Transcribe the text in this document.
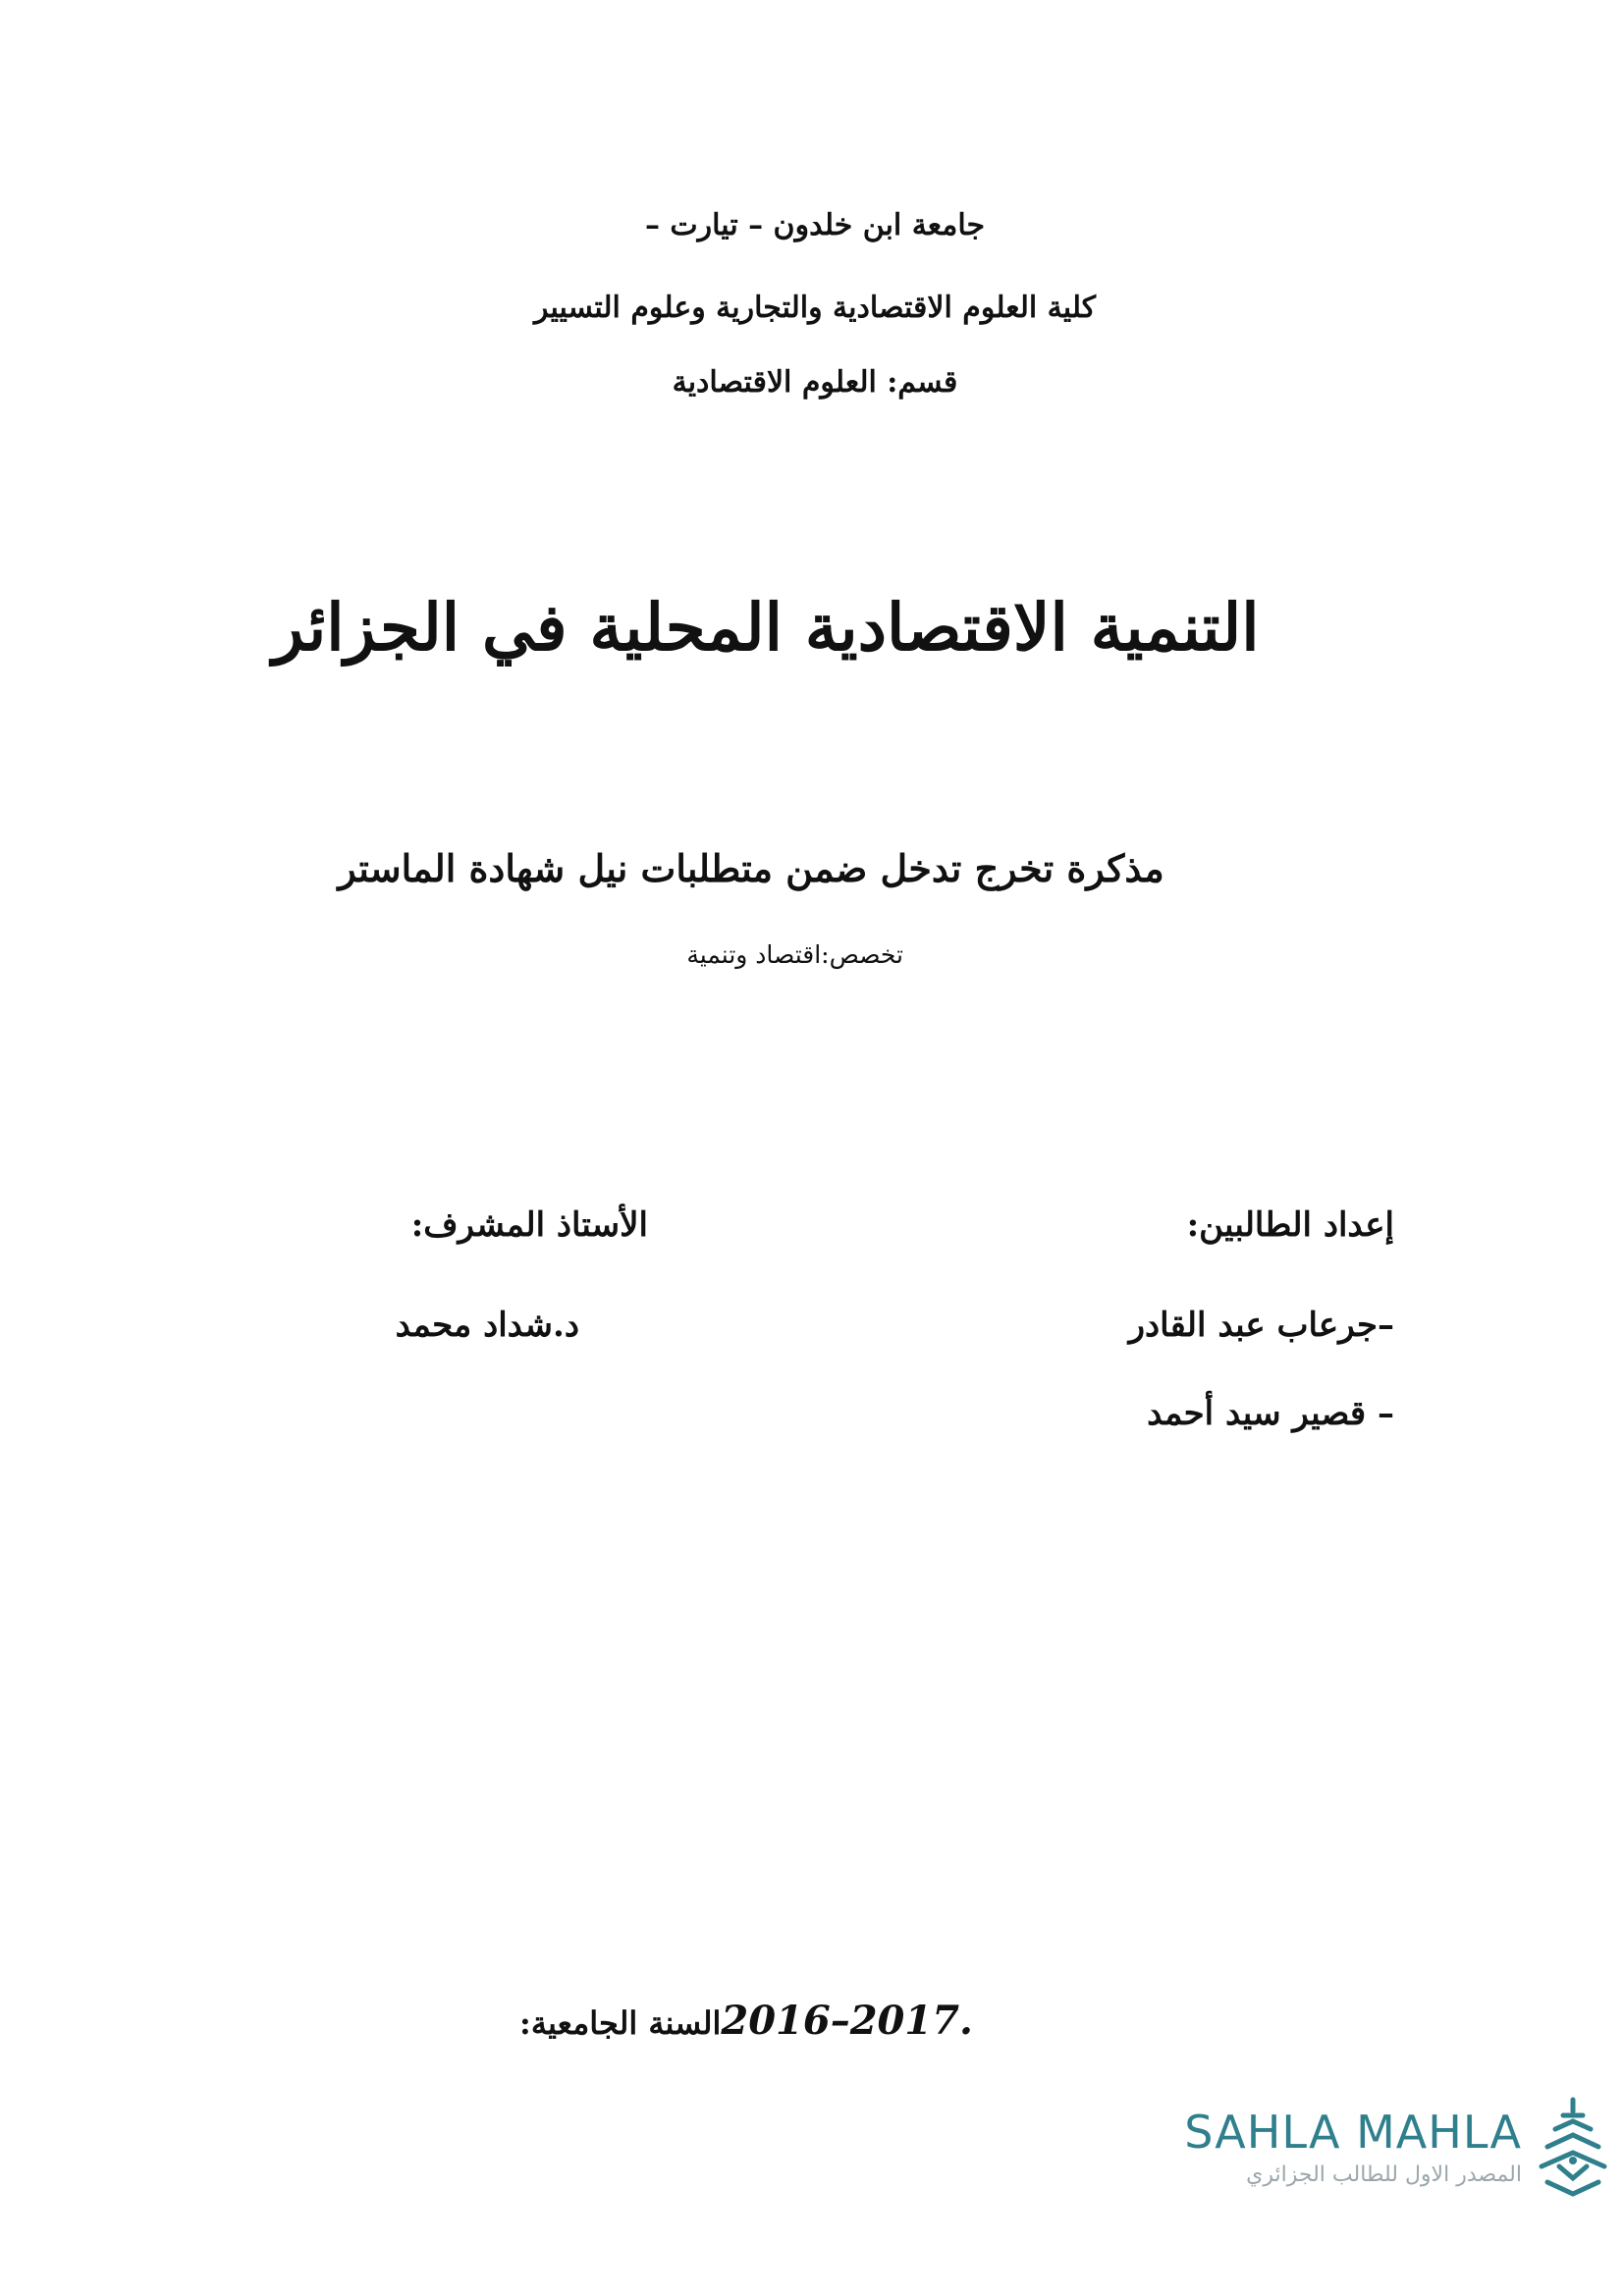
جامعة ابن خلدون – تيارت –
كلية العلوم الاقتصادية والتجارية وعلوم التسيير
قسم: العلوم الاقتصادية
التنمية الاقتصادية المحلية في الجزائر
مذكرة تخرج تدخل ضمن متطلبات نيل شهادة الماستر
تخصص:اقتصاد وتنمية
إعداد الطالبين:
الأستاذ المشرف:
–جرعاب عبد القادر
– قصير سيد أحمد
د.شداد محمد
السنة الجامعية:2016–2017.
SAHLA MAHLA
المصدر الاول للطالب الجزائري
